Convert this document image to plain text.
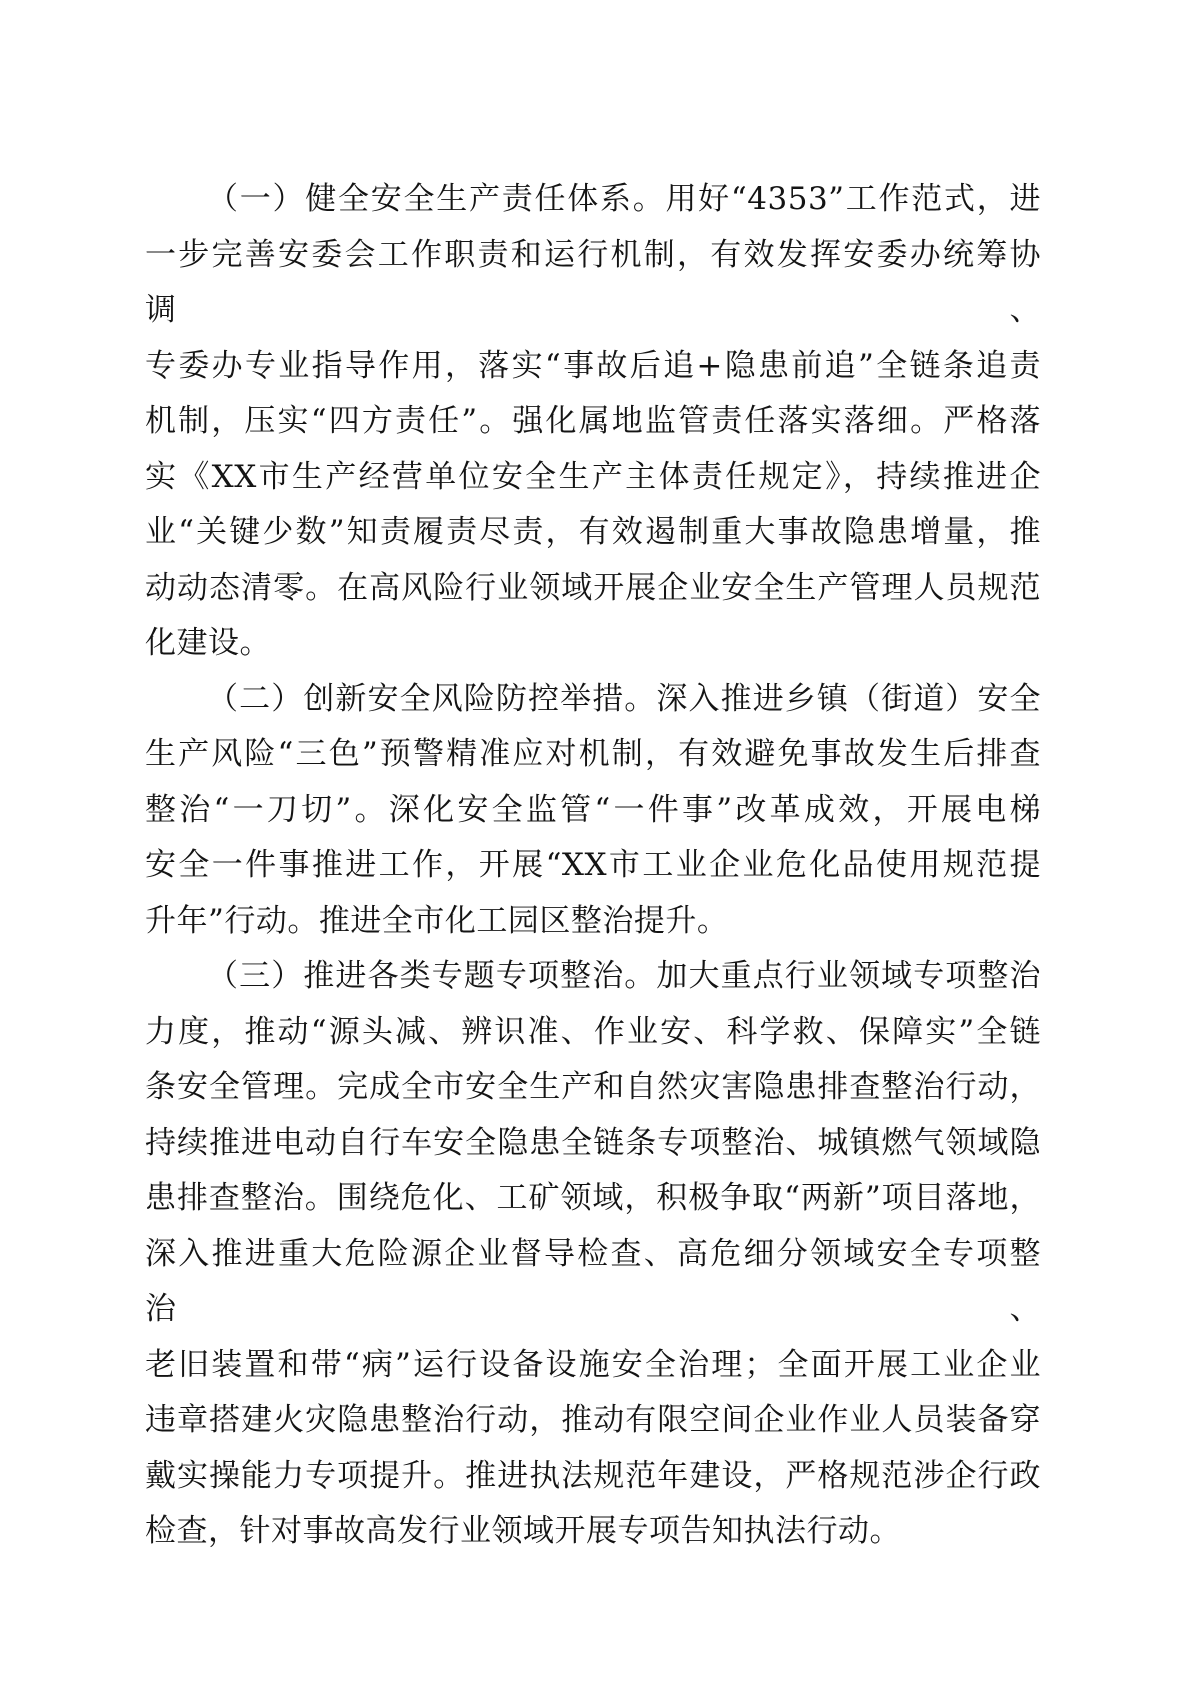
（一）健全安全生产责任体系。用好“4353”工作范式，进
一步完善安委会工作职责和运行机制，有效发挥安委办统筹协调、
专委办专业指导作用，落实“事故后追+隐患前追”全链条追责
机制，压实“四方责任”。强化属地监管责任落实落细。严格落
实《XX市生产经营单位安全生产主体责任规定》，持续推进企
业“关键少数”知责履责尽责，有效遏制重大事故隐患增量，推
动动态清零。在高风险行业领域开展企业安全生产管理人员规范
化建设。
（二）创新安全风险防控举措。深入推进乡镇（街道）安全
生产风险“三色”预警精准应对机制，有效避免事故发生后排查
整治“一刀切”。深化安全监管“一件事”改革成效，开展电梯
安全一件事推进工作，开展“XX市工业企业危化品使用规范提
升年”行动。推进全市化工园区整治提升。
（三）推进各类专题专项整治。加大重点行业领域专项整治
力度，推动“源头减、辨识准、作业安、科学救、保障实”全链
条安全管理。完成全市安全生产和自然灾害隐患排查整治行动，
持续推进电动自行车安全隐患全链条专项整治、城镇燃气领域隐
患排查整治。围绕危化、工矿领域，积极争取“两新”项目落地，
深入推进重大危险源企业督导检查、高危细分领域安全专项整治、
老旧装置和带“病”运行设备设施安全治理；全面开展工业企业
违章搭建火灾隐患整治行动，推动有限空间企业作业人员装备穿
戴实操能力专项提升。推进执法规范年建设，严格规范涉企行政
检查，针对事故高发行业领域开展专项告知执法行动。
